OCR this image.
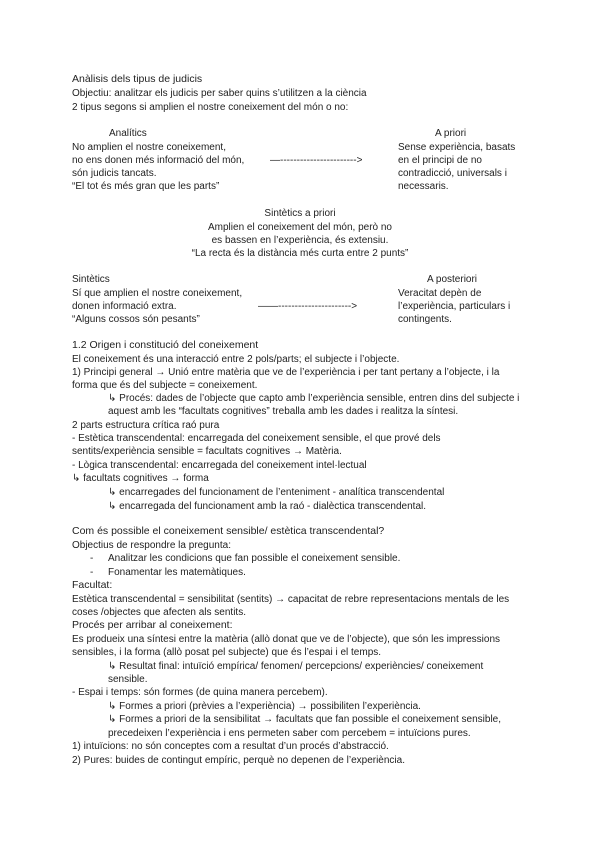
Anàlisis dels tipus de judicis
Objectiu: analitzar els judicis per saber quins s’utilitzen a la ciència
2 tipus segons si amplien el nostre coneixement del món o no:
Analítics
No amplien el nostre coneixement,
no ens donen més informació del món,
són judicis tancats.
“El tot és més gran que les parts”
—----------------------->
A priori
Sense experiència, basats
en el principi de no
contradicció, universals i
necessaris.
Sintètics a priori
Amplien el coneixement del món, però no
es bassen en l’experiència, és extensiu.
“La recta és la distància més curta entre 2 punts”
Sintètics
Sí que amplien el nostre coneixement,
donen informació extra.
“Alguns cossos són pesants”
——---------------------->
A posteriori
Veracitat depèn de
l’experiència, particulars i
contingents.
1.2 Origen i constitució del coneixement
El coneixement és una interacció entre 2 pols/parts; el subjecte i l’objecte.
1) Principi general → Unió entre matèria que ve de l’experiència i per tant pertany a l’objecte, i la
forma que és del subjecte = coneixement.
↳ Procés: dades de l’objecte que capto amb l’experiència sensible, entren dins del subjecte i
aquest amb les “facultats cognitives” treballa amb les dades i realitza la síntesi.
2 parts estructura crítica raó pura
- Estètica transcendental: encarregada del coneixement sensible, el que prové dels
sentits/experiència sensible = facultats cognitives → Matèria.
- Lògica transcendental: encarregada del coneixement intel·lectual
↳ facultats cognitives → forma
↳ encarregades del funcionament de l’enteniment - analítica transcendental
↳ encarregada del funcionament amb la raó - dialèctica transcendental.
Com és possible el coneixement sensible/ estètica transcendental?
Objectius de respondre la pregunta:
- Analitzar les condicions que fan possible el coneixement sensible.
- Fonamentar les matemàtiques.
Facultat:
Estètica transcendental = sensibilitat (sentits) → capacitat de rebre representacions mentals de les
coses /objectes que afecten als sentits.
Procés per arribar al coneixement:
Es produeix una síntesi entre la matèria (allò donat que ve de l’objecte), que són les impressions
sensibles, i la forma (allò posat pel subjecte) que és l’espai i el temps.
↳ Resultat final: intuïció empírica/ fenomen/ percepcions/ experiències/ coneixement
sensible.
- Espai i temps: són formes (de quina manera percebem).
↳ Formes a priori (prèvies a l’experiència) → possibiliten l’experiència.
↳ Formes a priori de la sensibilitat → facultats que fan possible el coneixement sensible,
precedeixen l’experiència i ens permeten saber com percebem = intuïcions pures.
1) intuïcions: no són conceptes com a resultat d’un procés d’abstracció.
2) Pures: buides de contingut empíric, perquè no depenen de l’experiència.
